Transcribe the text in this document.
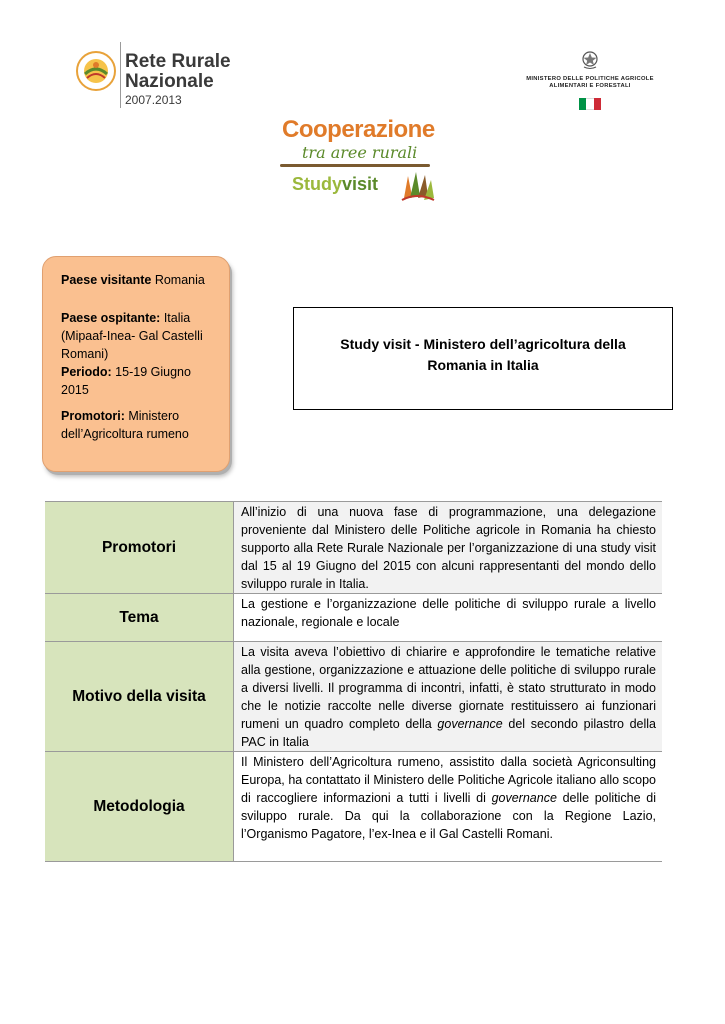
Rete Rurale
Nazionale
2007.2013
MINISTERO DELLE POLITICHE AGRICOLE
ALIMENTARI E FORESTALI
Cooperazione
tra aree rurali
Studyvisit

Paese visitante Romania

Paese ospitante: Italia (Mipaaf-Inea- Gal Castelli Romani)

Periodo: 15-19 Giugno 2015

Promotori: Ministero dell’Agricoltura rumeno

Study visit - Ministero dell’agricoltura della
Romania in Italia
Promotori	All’inizio di una nuova fase di programmazione, una delegazione proveniente dal Ministero delle Politiche agricole in Romania ha chiesto supporto alla Rete Rurale Nazionale per l’organizzazione di una study visit dal 15 al 19 Giugno del 2015 con alcuni rappresentanti del mondo dello sviluppo rurale in Italia.
Tema	La gestione e l’organizzazione delle politiche di sviluppo rurale a livello nazionale, regionale e locale
Motivo della visita	La visita aveva l’obiettivo di chiarire e approfondire le tematiche relative alla gestione, organizzazione e attuazione delle politiche di sviluppo rurale a diversi livelli. Il programma di incontri, infatti, è stato strutturato in modo che le notizie raccolte nelle diverse giornate restituissero ai funzionari rumeni un quadro completo della governance del secondo pilastro della PAC in Italia
Metodologia	Il Ministero dell’Agricoltura rumeno, assistito dalla società Agriconsulting Europa, ha contattato il Ministero delle Politiche Agricole italiano allo scopo di raccogliere informazioni a tutti i livelli di governance delle politiche di sviluppo rurale. Da qui la collaborazione con la Regione Lazio, l’Organismo Pagatore, l’ex-Inea e il Gal Castelli Romani.
